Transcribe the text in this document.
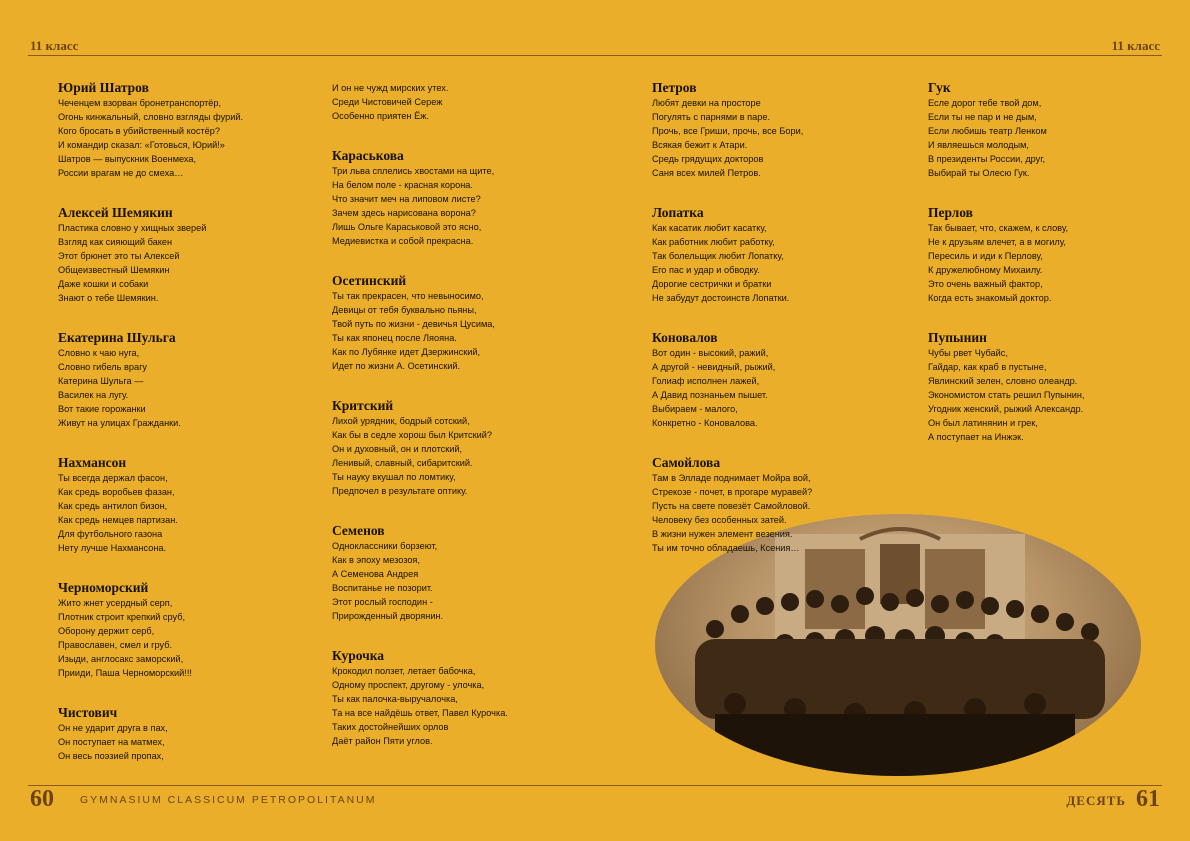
11 класс	11 класс
Юрий Шатров
Чеченцем взорван бронетранспортёр,
Огонь кинжальный, словно взгляды фурий.
Кого бросать в убийственный костёр?
И командир сказал: «Готовься, Юрий!»
Шатров — выпускник Военмеха,
России врагам не до смеха…
Алексей Шемякин
Пластика словно у хищных зверей
Взгляд как сияющий бакен
Этот брюнет это ты Алексей
Общеизвестный Шемякин
Даже кошки и собаки
Знают о тебе Шемякин.
Екатерина Шульга
Словно к чаю нуга,
Словно гибель врагу
Катерина Шульга —
Василек на лугу.
Вот такие горожанки
Живут на улицах Гражданки.
Нахмансон
Ты всегда держал фасон,
Как средь воробьев фазан,
Как средь антилоп бизон,
Как средь немцев партизан.
Для футбольного газона
Нету лучше Нахмансона.
Черноморский
Жито жнет усердный серп,
Плотник строит крепкий сруб,
Оборону держит серб,
Православен, смел и груб.
Изыди, англосакс заморский,
Прииди, Паша Черноморский!!!
Чистович
Он не ударит друга в пах,
Он поступает на матмех,
Он весь поэзией пропах,
И он не чужд мирских утех.
Среди Чистовичей Сереж
Особенно приятен Ёж.
Караськова
Три льва сплелись хвостами на щите,
На белом поле - красная корона.
Что значит меч на липовом листе?
Зачем здесь нарисована ворона?
Лишь Ольге Караськовой это ясно,
Медиевистка и собой прекрасна.
Осетинский
Ты так прекрасен, что невыносимо,
Девицы от тебя буквально пьяны,
Твой путь по жизни - девичья Цусима,
Ты как японец после Ляояна.
Как по Лубянке идет Дзержинский,
Идет по жизни А. Осетинский.
Критский
Лихой урядник, бодрый сотский,
Как бы в седле хорош был Критский?
Он и духовный, он и плотский,
Ленивый, славный, сибаритский.
Ты науку вкушал по ломтику,
Предпочел в результате оптику.
Семенов
Одноклассники борзеют,
Как в эпоху мезозоя,
А Семенова Андрея
Воспитанье не позорит.
Этот рослый господин -
Прирожденный дворянин.
Курочка
Крокодил ползет, летает бабочка,
Одному проспект, другому - улочка,
Ты как палочка-выручалочка,
Та на все найдёшь ответ, Павел Курочка.
Таких достойнейших орлов
Даёт район Пяти углов.
Гук
Есле дорог тебе твой дом,
Если ты не пар и не дым,
Если любишь театр Ленком
И являешься молодым,
В президенты России, друг,
Выбирай ты Олесю Гук.
Перлов
Так бывает, что, скажем, к слову,
Не к друзьям влечет, а в могилу,
Пересиль и иди к Перлову,
К дружелюбному Михаилу.
Это очень важный фактор,
Когда есть знакомый доктор.
Пупынин
Чубы рвет Чубайс,
Гайдар, как краб в пустыне,
Явлинский зелен, словно олеандр.
Экономистом стать решил Пупынин,
Угодник женский, рыжий Александр.
Он был латинянин и грек,
А поступает на Инжэк.
Петров
Любят девки на просторе
Погулять с парнями в паре.
Прочь, все Гриши, прочь, все Бори,
Всякая бежит к Атари.
Средь грядущих докторов
Саня всех милей Петров.
Лопатка
Как касатик любит касатку,
Как работник любит работку,
Так болельщик любит Лопатку,
Его пас и удар и обводку.
Дорогие сестрички и братки
Не забудут достоинств Лопатки.
Коновалов
Вот один - высокий, ражий,
А другой - невидный, рыжий,
Голиаф исполнен лажей,
А Давид познаньем пышет.
Выбираем - малого,
Конкретно - Коновалова.
Самойлова
Там в Элладе поднимает Мойра вой,
Стрекозе - почет, в прогаре муравей?
Пусть на свете повезёт Самойловой.
Человеку без особенных затей.
В жизни нужен элемент везения.
Ты им точно обладаешь, Ксения…
60 GYMNASIUM CLASSICUM PETROPOLITANUM	ДЕСЯТЬ 61
